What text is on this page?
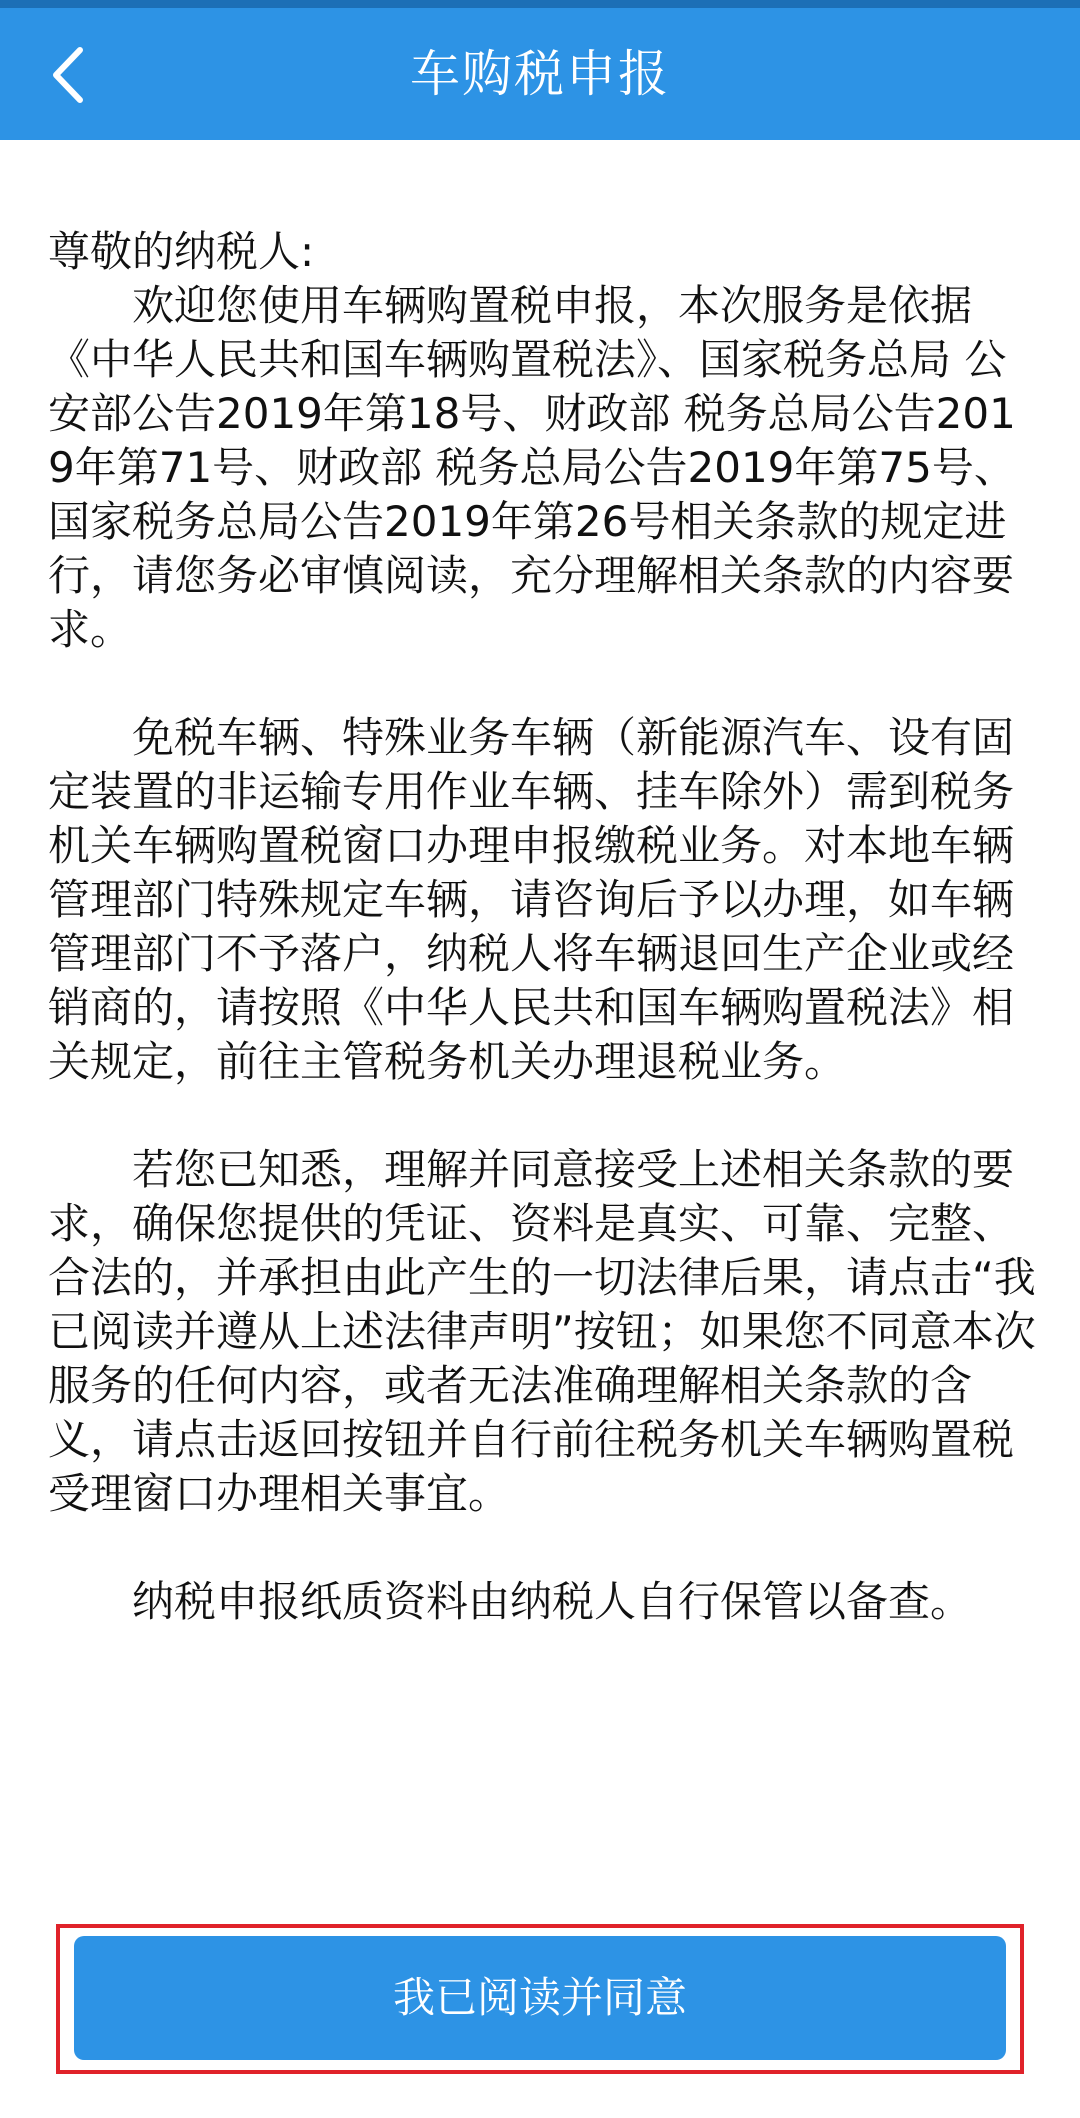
车购税申报

尊敬的纳税人:

欢迎您使用车辆购置税申报，本次服务是依据《中华人民共和国车辆购置税法》、国家税务总局 公安部公告2019年第18号、财政部 税务总局公告2019年第71号、财政部 税务总局公告2019年第75号、国家税务总局公告2019年第26号相关条款的规定进行，请您务必审慎阅读，充分理解相关条款的内容要求。

免税车辆、特殊业务车辆（新能源汽车、设有固定装置的非运输专用作业车辆、挂车除外）需到税务机关车辆购置税窗口办理申报缴税业务。对本地车辆管理部门特殊规定车辆，请咨询后予以办理，如车辆管理部门不予落户，纳税人将车辆退回生产企业或经销商的，请按照《中华人民共和国车辆购置税法》相关规定，前往主管税务机关办理退税业务。

若您已知悉，理解并同意接受上述相关条款的要求，确保您提供的凭证、资料是真实、可靠、完整、合法的，并承担由此产生的一切法律后果，请点击“我已阅读并遵从上述法律声明”按钮；如果您不同意本次服务的任何内容，或者无法准确理解相关条款的含义，请点击返回按钮并自行前往税务机关车辆购置税受理窗口办理相关事宜。

纳税申报纸质资料由纳税人自行保管以备查。

我已阅读并同意
